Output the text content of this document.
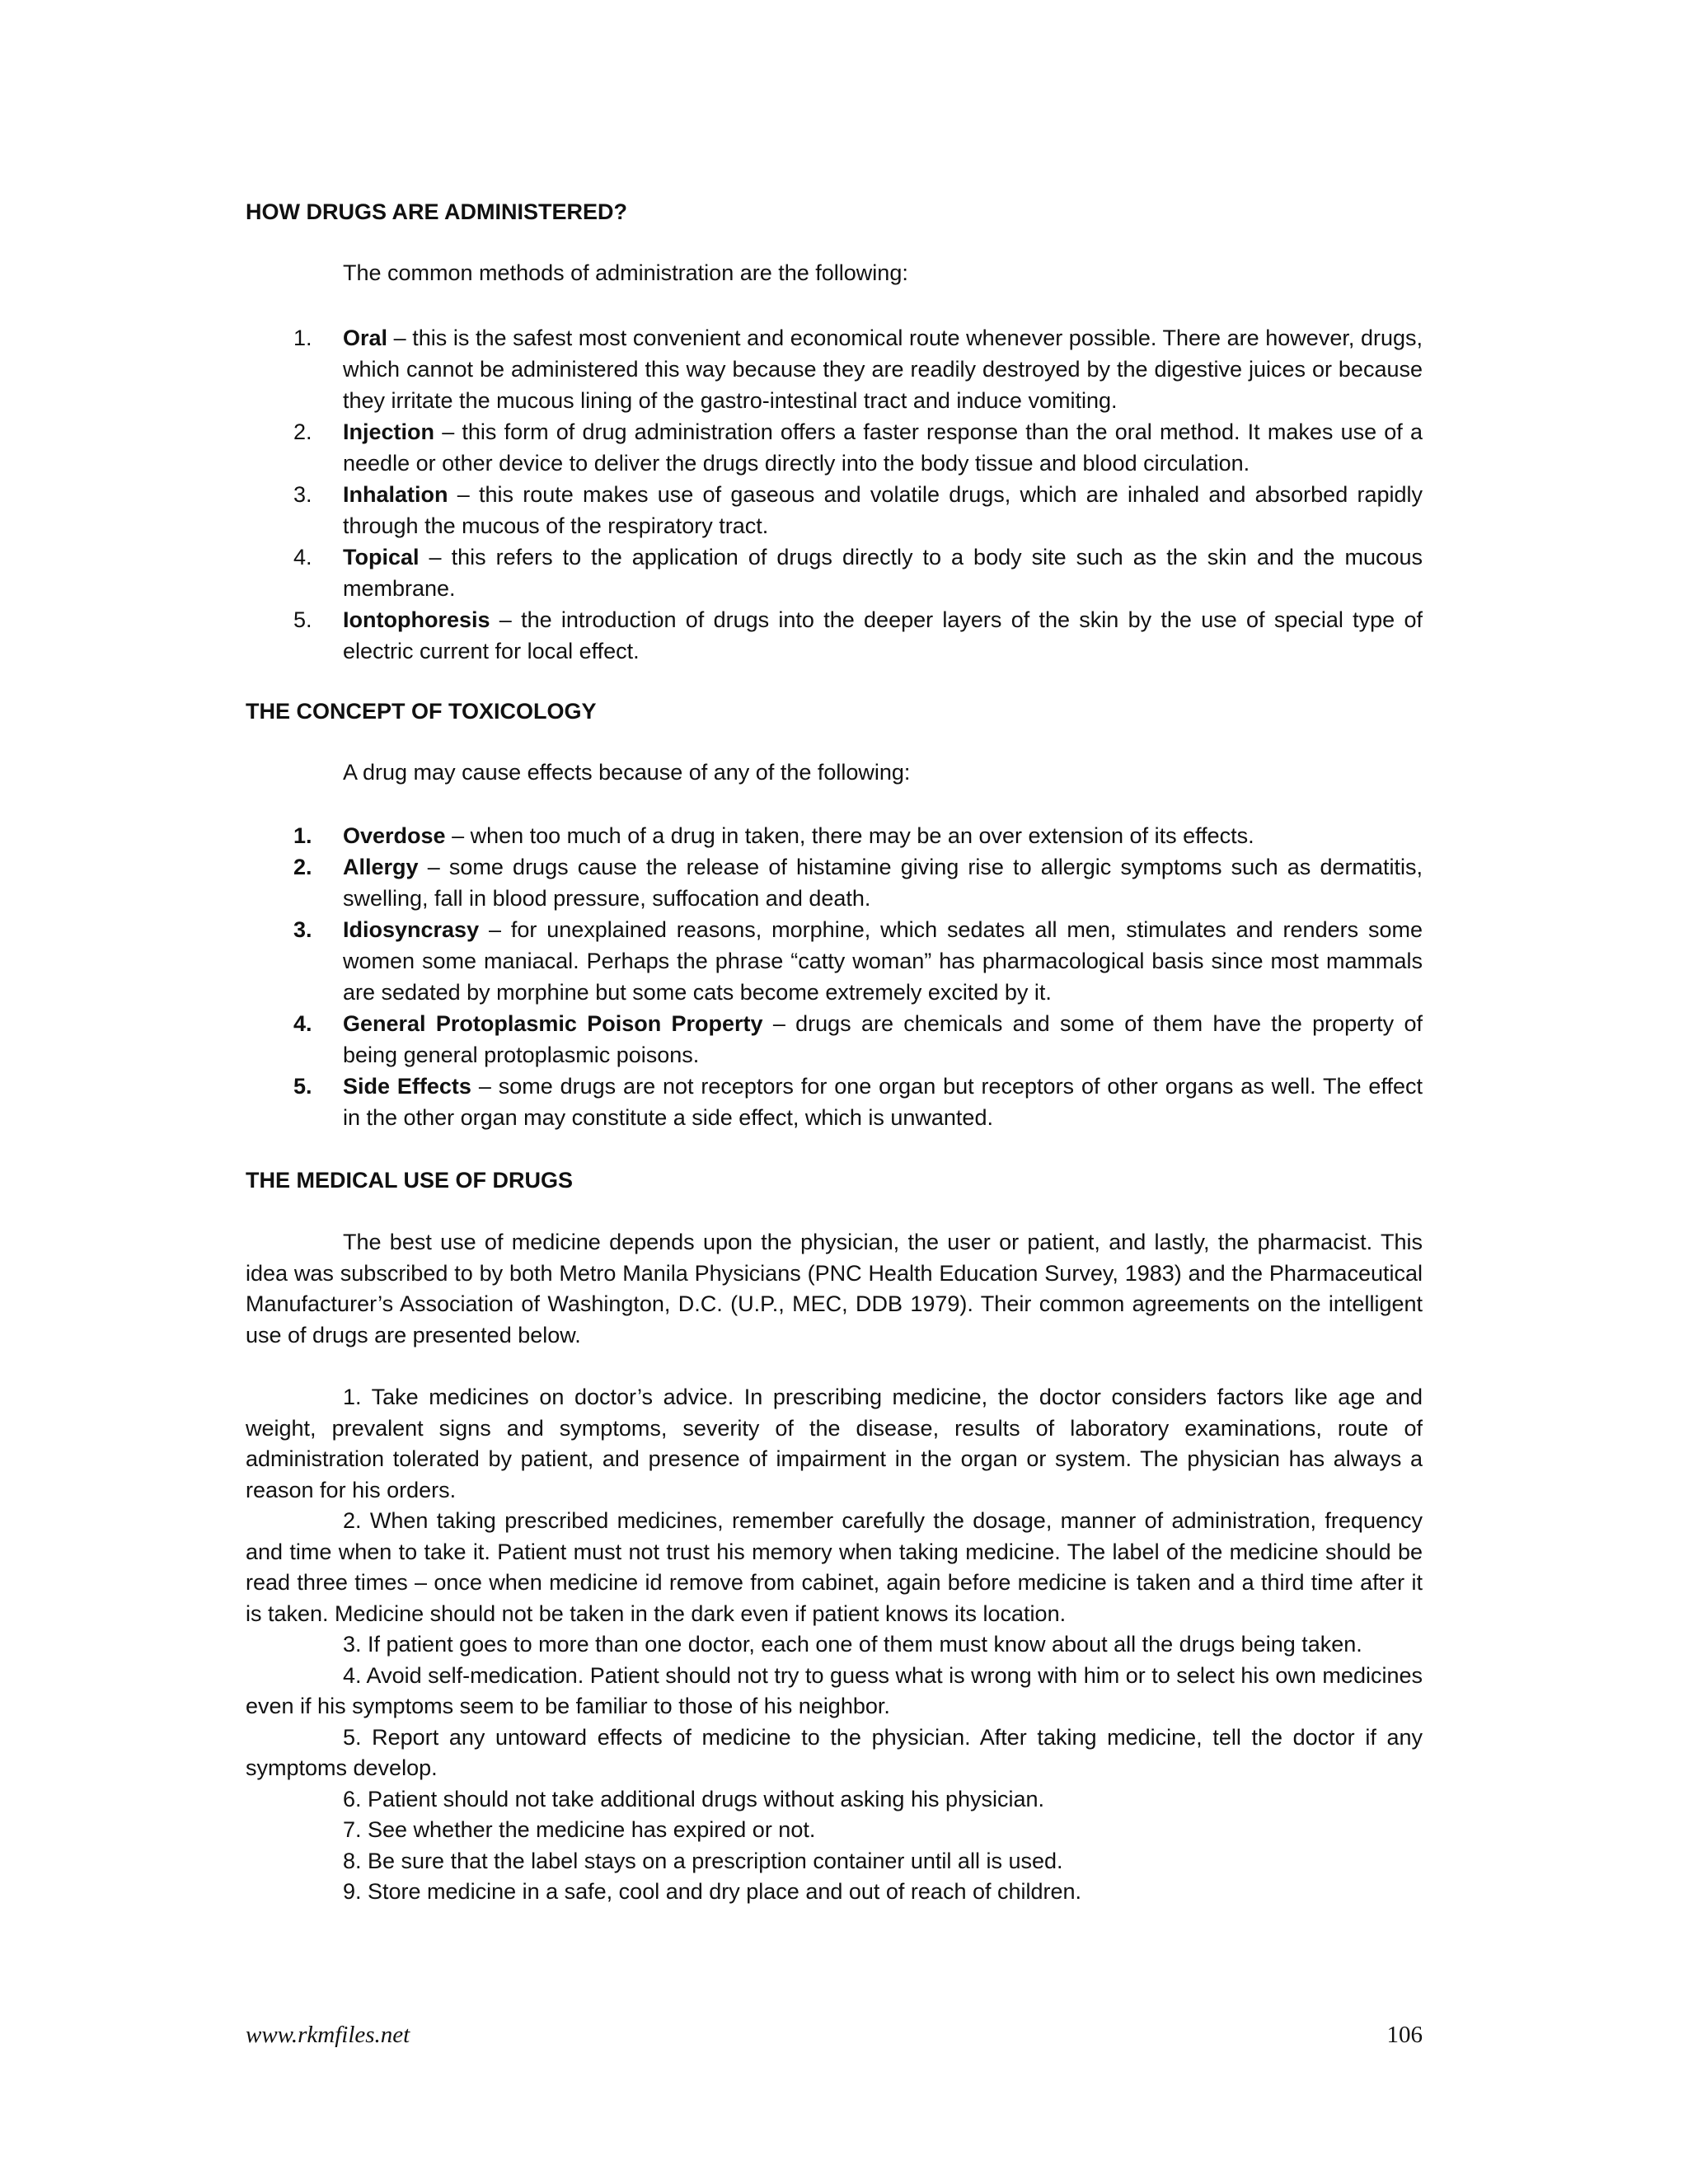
HOW DRUGS ARE ADMINISTERED?

The common methods of administration are the following:

1. Oral – this is the safest most convenient and economical route whenever possible. There are however, drugs, which cannot be administered this way because they are readily destroyed by the digestive juices or because they irritate the mucous lining of the gastro-intestinal tract and induce vomiting.
2. Injection – this form of drug administration offers a faster response than the oral method. It makes use of a needle or other device to deliver the drugs directly into the body tissue and blood circulation.
3. Inhalation – this route makes use of gaseous and volatile drugs, which are inhaled and absorbed rapidly through the mucous of the respiratory tract.
4. Topical – this refers to the application of drugs directly to a body site such as the skin and the mucous membrane.
5. Iontophoresis – the introduction of drugs into the deeper layers of the skin by the use of special type of electric current for local effect.
THE CONCEPT OF TOXICOLOGY

A drug may cause effects because of any of the following:

1. Overdose – when too much of a drug in taken, there may be an over extension of its effects.
2. Allergy – some drugs cause the release of histamine giving rise to allergic symptoms such as dermatitis, swelling, fall in blood pressure, suffocation and death.
3. Idiosyncrasy – for unexplained reasons, morphine, which sedates all men, stimulates and renders some women some maniacal. Perhaps the phrase “catty woman” has pharmacological basis since most mammals are sedated by morphine but some cats become extremely excited by it.
4. General Protoplasmic Poison Property – drugs are chemicals and some of them have the property of being general protoplasmic poisons.
5. Side Effects – some drugs are not receptors for one organ but receptors of other organs as well. The effect in the other organ may constitute a side effect, which is unwanted.
THE MEDICAL USE OF DRUGS

The best use of medicine depends upon the physician, the user or patient, and lastly, the pharmacist. This idea was subscribed to by both Metro Manila Physicians (PNC Health Education Survey, 1983) and the Pharmaceutical Manufacturer’s Association of Washington, D.C. (U.P., MEC, DDB 1979). Their common agreements on the intelligent use of drugs are presented below.

1. Take medicines on doctor’s advice. In prescribing medicine, the doctor considers factors like age and weight, prevalent signs and symptoms, severity of the disease, results of laboratory examinations, route of administration tolerated by patient, and presence of impairment in the organ or system. The physician has always a reason for his orders.

2. When taking prescribed medicines, remember carefully the dosage, manner of administration, frequency and time when to take it. Patient must not trust his memory when taking medicine. The label of the medicine should be read three times – once when medicine id remove from cabinet, again before medicine is taken and a third time after it is taken. Medicine should not be taken in the dark even if patient knows its location.

3. If patient goes to more than one doctor, each one of them must know about all the drugs being taken.

4. Avoid self-medication. Patient should not try to guess what is wrong with him or to select his own medicines even if his symptoms seem to be familiar to those of his neighbor.

5. Report any untoward effects of medicine to the physician. After taking medicine, tell the doctor if any symptoms develop.

6. Patient should not take additional drugs without asking his physician.

7. See whether the medicine has expired or not.

8. Be sure that the label stays on a prescription container until all is used.

9. Store medicine in a safe, cool and dry place and out of reach of children.

www.rkmfiles.net	106
